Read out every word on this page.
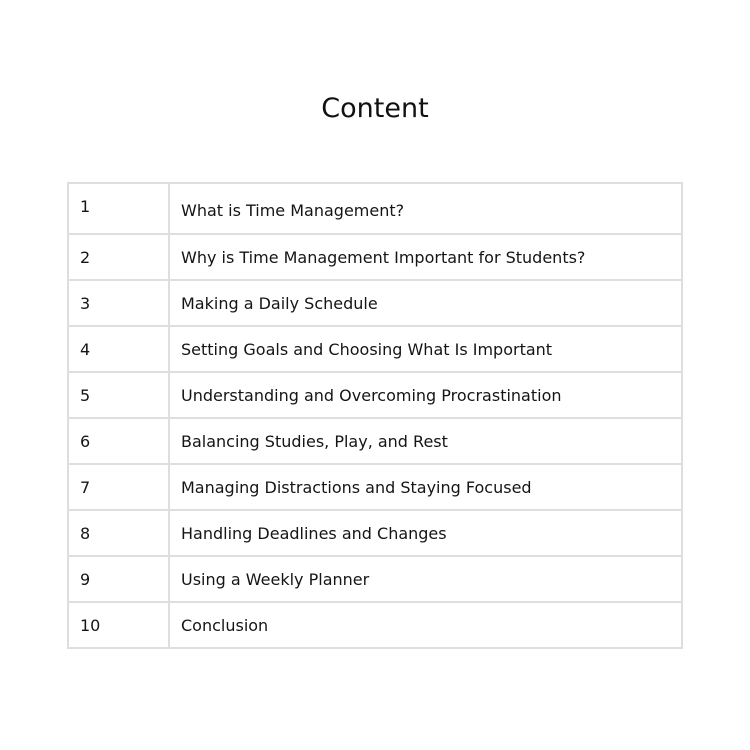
Content
1	What is Time Management?
2	Why is Time Management Important for Students?
3	Making a Daily Schedule
4	Setting Goals and Choosing What Is Important
5	Understanding and Overcoming Procrastination
6	Balancing Studies, Play, and Rest
7	Managing Distractions and Staying Focused
8	Handling Deadlines and Changes
9	Using a Weekly Planner
10	Conclusion
